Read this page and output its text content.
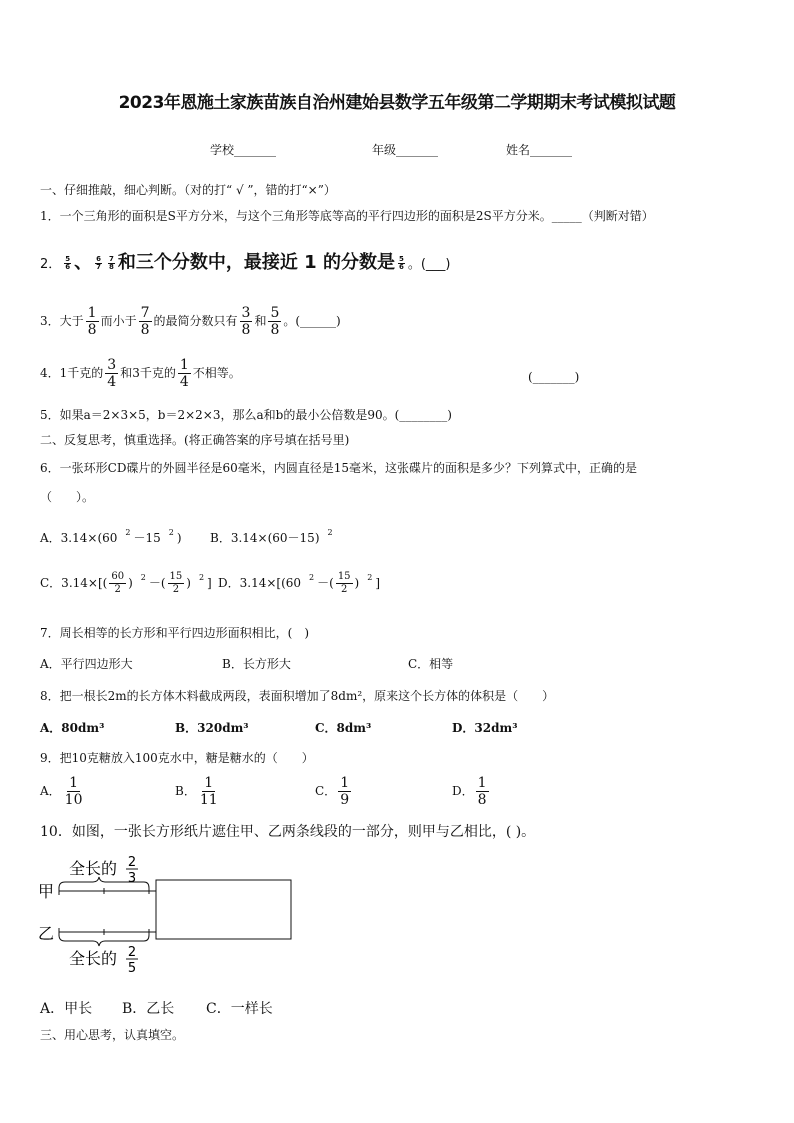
2023年恩施土家族苗族自治州建始县数学五年级第二学期期末考试模拟试题
学校_______	年级_______	姓名_______
一、仔细推敲，细心判断。（对的打“ √ ”，错的打“×”）
1．一个三角形的面积是S平方分米，与这个三角形等底等高的平行四边形的面积是2S平方分米。_____（判断对错）
2． $\frac{5}{6}$ 、 $\frac{6}{7} \frac{7}{8}$ 和三个分数中，最接近 1 的分数是 $\frac{5}{6}$ 。(___)
3．大于 $\frac{1}{8}$ 而小于 $\frac{7}{8}$ 的最简分数只有 $\frac{3}{8}$ 和 $\frac{5}{8}$ 。(______)
4．1千克的 $\frac{3}{4}$ 和3千克的 $\frac{1}{4}$ 不相等。	(_______)
5．如果a＝2×3×5，b＝2×2×3，那么a和b的最小公倍数是90。(________)
二、反复思考，慎重选择。(将正确答案的序号填在括号里)
6．一张环形CD碟片的外圆半径是60毫米，内圆直径是15毫米，这张碟片的面积是多少？下列算式中，正确的是
（　　）。
A．3.14×(60 $^2$ －15 $^2$ ) B．3.14×(60－15) $^2$
C．$3.14\times[( \frac{60}{2}$ ) $^2$ －( $\frac{15}{2}$ ) $^2$ ] D．3.14×[(60 $^2$ －( $\frac{15}{2}$ ) $^2$ ]
7．周长相等的长方形和平行四边形面积相比，(　)
A．平行四边形大	B．长方形大	C．相等
8．把一根长2m的长方体木料截成两段，表面积增加了8dm²，原来这个长方体的体积是（　　）
A．80dm³	B．320dm³	C．8dm³	D．32dm³
9．把10克糖放入100克水中，糖是糖水的（　　）
A． $\frac{1}{10}$	B． $\frac{1}{11}$	C． $\frac{1}{9}$	D． $\frac{1}{8}$
10．如图，一张长方形纸片遮住甲、乙两条线段的一部分，则甲与乙相比，( )。
全长的 2
3
甲
乙
全长的 2
5
A．甲长 B．乙长 C．一样长
三、用心思考，认真填空。
